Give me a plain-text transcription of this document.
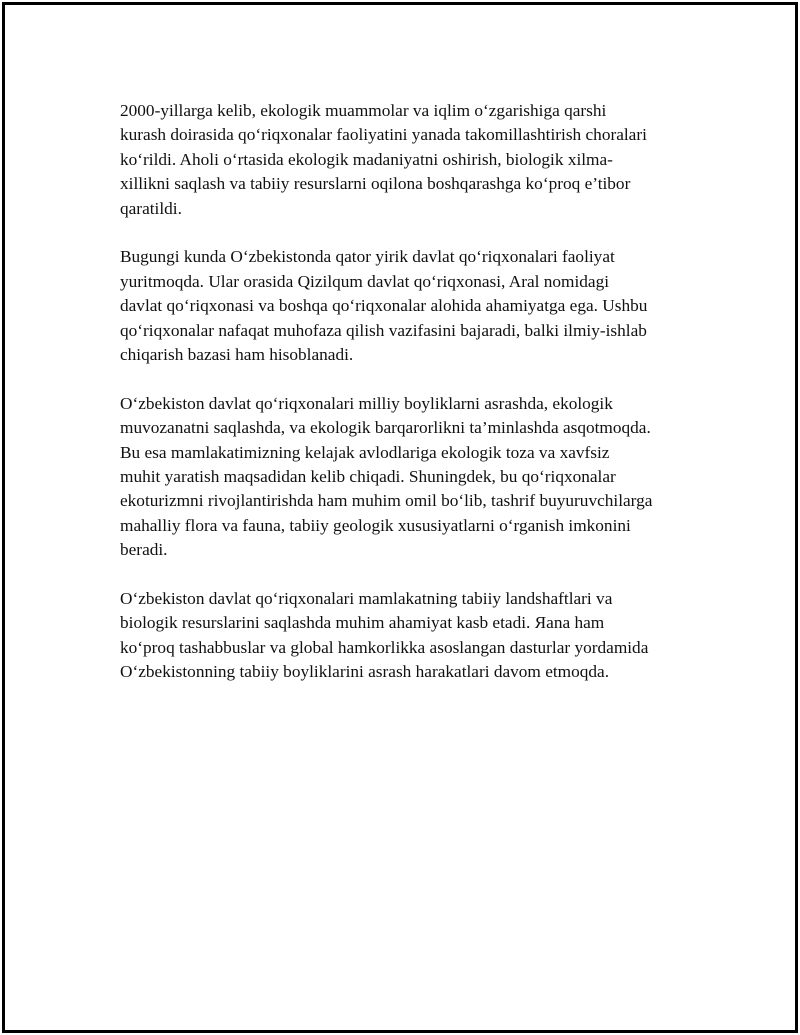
2000-yillarga kelib, ekologik muammolar va iqlim o‘zgarishiga qarshi
kurash doirasida qo‘riqxonalar faoliyatini yanada takomillashtirish choralari
ko‘rildi. Aholi o‘rtasida ekologik madaniyatni oshirish, biologik xilma-
xillikni saqlash va tabiiy resurslarni oqilona boshqarashga ko‘proq e’tibor
qaratildi.

Bugungi kunda O‘zbekistonda qator yirik davlat qo‘riqxonalari faoliyat
yuritmoqda. Ular orasida Qizilqum davlat qo‘riqxonasi, Aral nomidagi
davlat qo‘riqxonasi va boshqa qo‘riqxonalar alohida ahamiyatga ega. Ushbu
qo‘riqxonalar nafaqat muhofaza qilish vazifasini bajaradi, balki ilmiy-ishlab
chiqarish bazasi ham hisoblanadi.

O‘zbekiston davlat qo‘riqxonalari milliy boyliklarni asrashda, ekologik
muvozanatni saqlashda, va ekologik barqarorlikni ta’minlashda asqotmoqda.
Bu esa mamlakatimizning kelajak avlodlariga ekologik toza va xavfsiz
muhit yaratish maqsadidan kelib chiqadi. Shuningdek, bu qo‘riqxonalar
ekoturizmni rivojlantirishda ham muhim omil bo‘lib, tashrif buyuruvchilarga
mahalliy flora va fauna, tabiiy geologik xususiyatlarni o‘rganish imkonini
beradi.

O‘zbekiston davlat qo‘riqxonalari mamlakatning tabiiy landshaftlari va
biologik resurslarini saqlashda muhim ahamiyat kasb etadi. Яana ham
ko‘proq tashabbuslar va global hamkorlikka asoslangan dasturlar yordamida
O‘zbekistonning tabiiy boyliklarini asrash harakatlari davom etmoqda.
